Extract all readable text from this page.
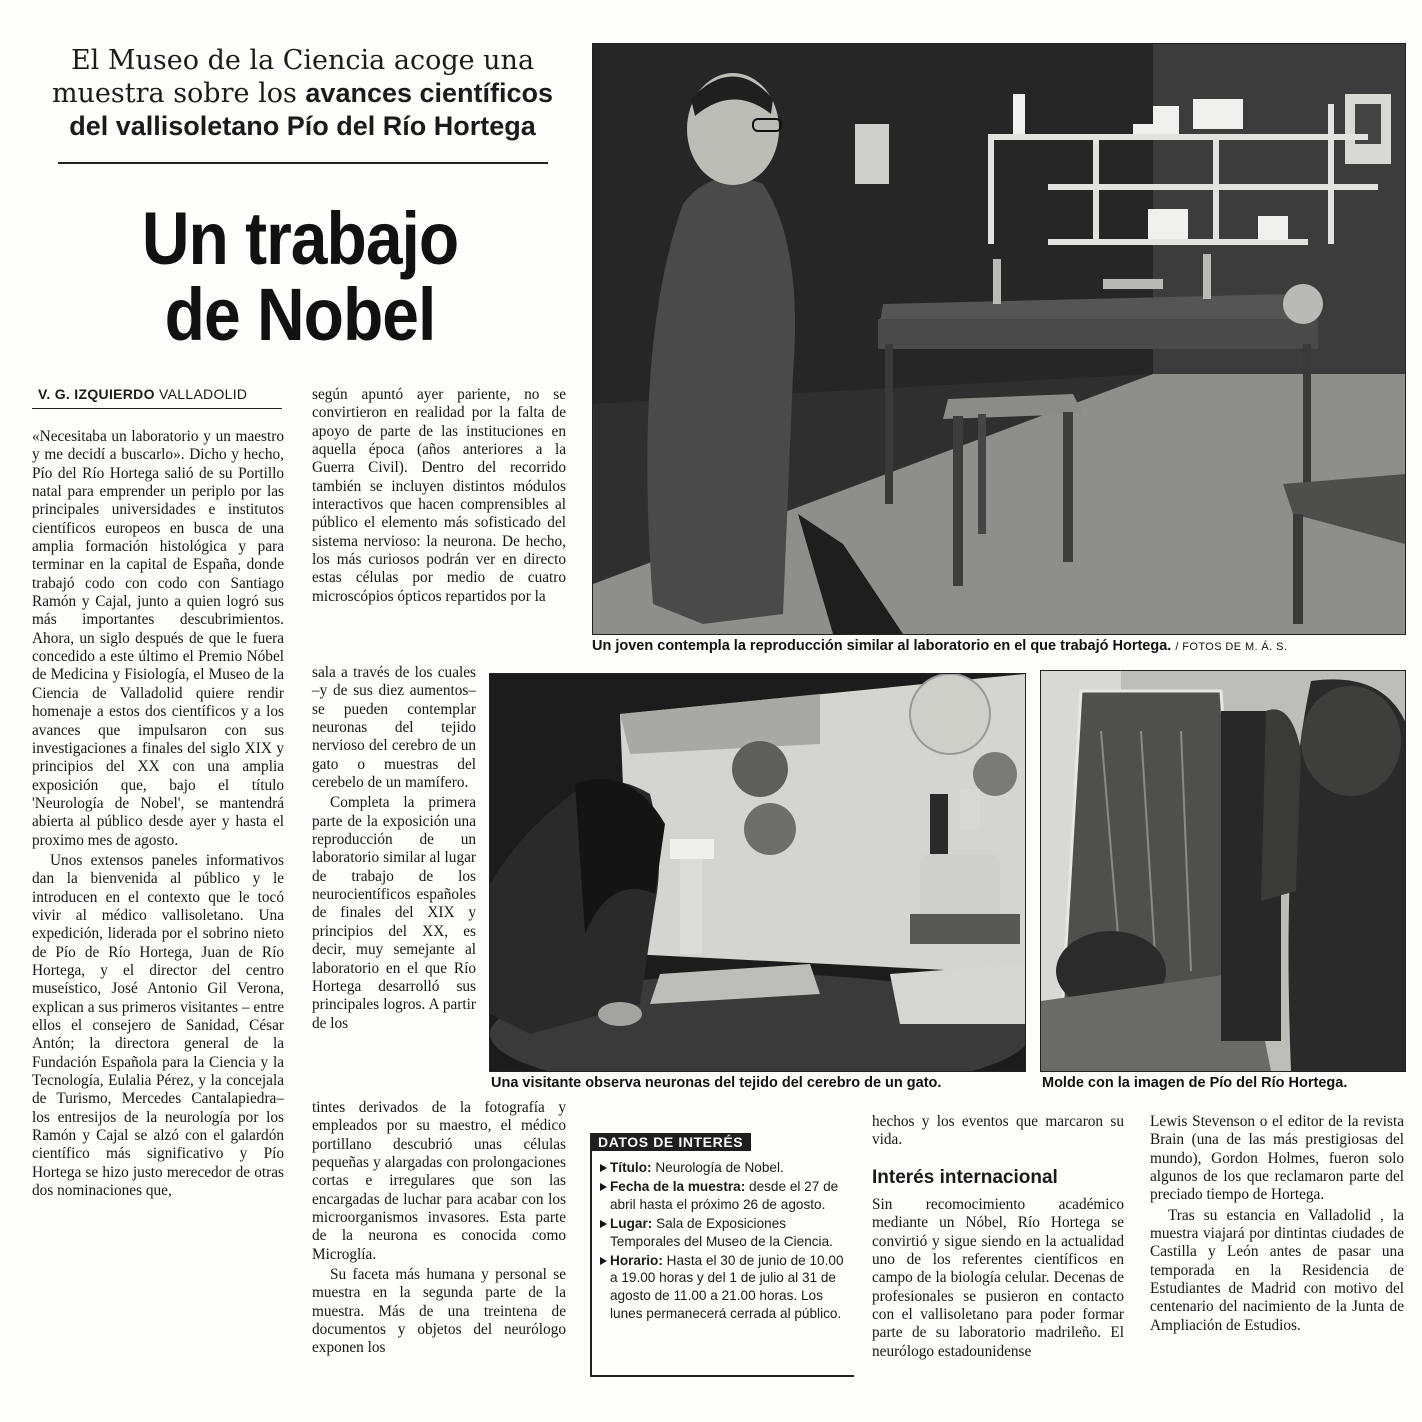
El Museo de la Ciencia acoge una
muestra sobre los avances científicos
del vallisoletano Pío del Río Hortega
Un trabajo
de Nobel
V. G. IZQUIERDO VALLADOLID

«Necesitaba un laboratorio y un maestro y me decidí a buscarlo». Dicho y hecho, Pío del Río Hortega salió de su Portillo natal para emprender un periplo por las principales universidades e institutos científicos europeos en busca de una amplia formación histológica y para terminar en la capital de España, donde trabajó codo con codo con Santiago Ramón y Cajal, junto a quien logró sus más importantes descubrimientos. Ahora, un siglo después de que le fuera concedido a este último el Premio Nóbel de Medicina y Fisiología, el Museo de la Ciencia de Valladolid quiere rendir homenaje a estos dos científicos y a los avances que impulsaron con sus investigaciones a finales del siglo XIX y principios del XX con una amplia exposición que, bajo el título 'Neurología de Nobel', se mantendrá abierta al público desde ayer y hasta el proximo mes de agosto.

Unos extensos paneles informativos dan la bienvenida al público y le introducen en el contexto que le tocó vivir al médico vallisoletano. Una expedición, liderada por el sobrino nieto de Pío de Río Hortega, Juan de Río Hortega, y el director del centro museístico, José Antonio Gil Verona, explican a sus primeros visitantes – entre ellos el consejero de Sanidad, César Antón; la directora general de la Fundación Española para la Ciencia y la Tecnología, Eulalia Pérez, y la concejala de Turismo, Mercedes Cantalapiedra– los entresijos de la neurología por los Ramón y Cajal se alzó con el galardón científico más significativo y Pío Hortega se hizo justo merecedor de otras dos nominaciones que,

según apuntó ayer pariente, no se convirtieron en realidad por la falta de apoyo de parte de las instituciones en aquella época (años anteriores a la Guerra Civil). Dentro del recorrido también se incluyen distintos módulos interactivos que hacen comprensibles al público el elemento más sofisticado del sistema nervioso: la neurona. De hecho, los más curiosos podrán ver en directo estas células por medio de cuatro microscópios ópticos repartidos por la

sala a través de los cuales –y de sus diez aumentos– se pueden contemplar neuronas del tejido nervioso del cerebro de un gato o muestras del cerebelo de un mamífero.

Completa la primera parte de la exposición una reproducción de un laboratorio similar al lugar de trabajo de los neurocientíficos españoles de finales del XIX y principios del XX, es decir, muy semejante al laboratorio en el que Río Hortega desarrolló sus principales logros. A partir de los

tintes derivados de la fotografía y empleados por su maestro, el médico portillano descubrió unas células pequeñas y alargadas con prolongaciones cortas e irregulares que son las encargadas de luchar para acabar con los microorganismos invasores. Esta parte de la neurona es conocida como Microglía.

Su faceta más humana y personal se muestra en la segunda parte de la muestra. Más de una treintena de documentos y objetos del neurólogo exponen los

Un joven contempla la reproducción similar al laboratorio en el que trabajó Hortega. / FOTOS DE M. Á. S.
Una visitante observa neuronas del tejido del cerebro de un gato.	Molde con la imagen de Pío del Río Hortega.
DATOS DE INTERÉS
Título: Neurología de Nobel.
Fecha de la muestra: desde el 27 de abril hasta el próximo 26 de agosto.
Lugar: Sala de Exposiciones Temporales del Museo de la Ciencia.
Horario: Hasta el 30 de junio de 10.00 a 19.00 horas y del 1 de julio al 31 de agosto de 11.00 a 21.00 horas. Los lunes permanecerá cerrada al público.

hechos y los eventos que marcaron su vida.

Interés internacional

Sin recomocimiento académico mediante un Nóbel, Río Hortega se convirtió y sigue siendo en la actualidad uno de los referentes científicos en campo de la biología celular. Decenas de profesionales se pusieron en contacto con el vallisoletano para poder formar parte de su laboratorio madrileño. El neurólogo estadounidense

Lewis Stevenson o el editor de la revista Brain (una de las más prestigiosas del mundo), Gordon Holmes, fueron solo algunos de los que reclamaron parte del preciado tiempo de Hortega.

Tras su estancia en Valladolid , la muestra viajará por dintintas ciudades de Castilla y León antes de pasar una temporada en la Residencia de Estudiantes de Madrid con motivo del centenario del nacimiento de la Junta de Ampliación de Estudios.
